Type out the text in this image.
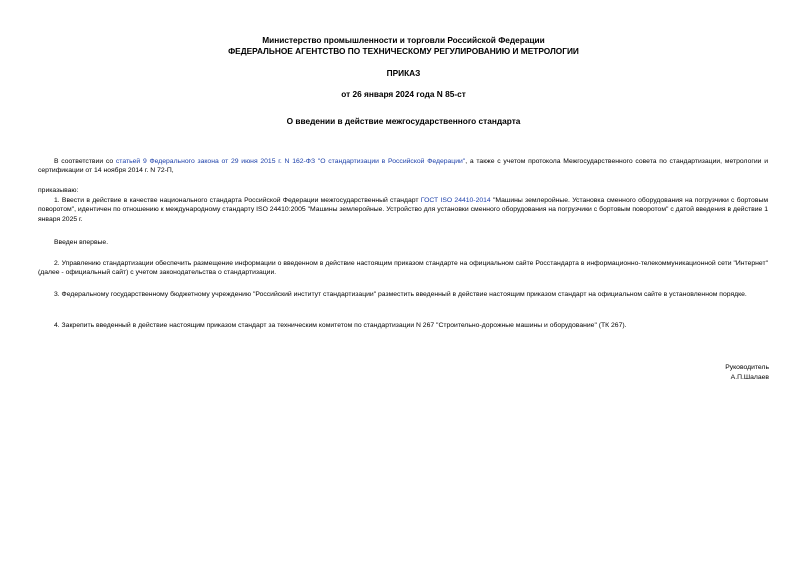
Министерство промышленности и торговли Российской Федерации
ФЕДЕРАЛЬНОЕ АГЕНТСТВО ПО ТЕХНИЧЕСКОМУ РЕГУЛИРОВАНИЮ И МЕТРОЛОГИИ
ПРИКАЗ
от 26 января 2024 года N 85-ст
О введении в действие межгосударственного стандарта
В соответствии со статьей 9 Федерального закона от 29 июня 2015 г. N 162-ФЗ "О стандартизации в Российской Федерации", а также с учетом протокола Межгосударственного совета по стандартизации, метрологии и сертификации от 14 ноября 2014 г. N 72-П,
приказываю:
1. Ввести в действие в качестве национального стандарта Российской Федерации межгосударственный стандарт ГОСТ ISO 24410-2014 "Машины землеройные. Установка сменного оборудования на погрузчики с бортовым поворотом", идентичен по отношению к международному стандарту ISO 24410:2005 "Машины землеройные. Устройство для установки сменного оборудования на погрузчики с бортовым поворотом" с датой введения в действие 1 января 2025 г.
Введен впервые.
2. Управлению стандартизации обеспечить размещение информации о введенном в действие настоящим приказом стандарте на официальном сайте Росстандарта в информационно-телекоммуникационной сети "Интернет" (далее - официальный сайт) с учетом законодательства о стандартизации.
3. Федеральному государственному бюджетному учреждению "Российский институт стандартизации" разместить введенный в действие настоящим приказом стандарт на официальном сайте в установленном порядке.
4. Закрепить введенный в действие настоящим приказом стандарт за техническим комитетом по стандартизации N 267 "Строительно-дорожные машины и оборудование" (ТК 267).
Руководитель
А.П.Шалаев
